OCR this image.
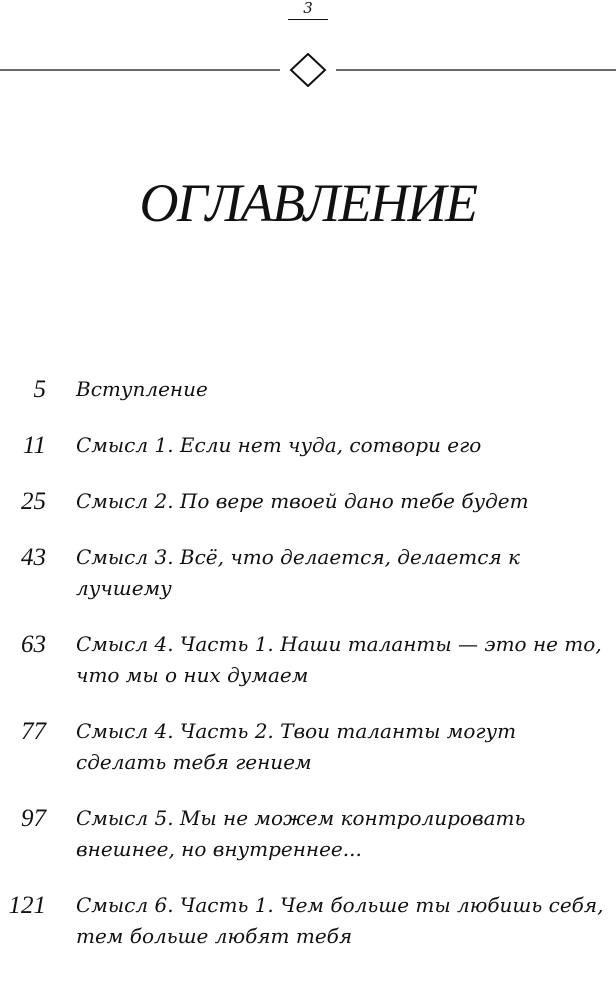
3
ОГЛАВЛЕНИЕ
5 Вступление
11 Смысл 1. Если нет чуда, сотвори его
25 Смысл 2. По вере твоей дано тебе будет
43 Смысл 3. Всё, что делается, делается к лучшему
63 Смысл 4. Часть 1. Наши таланты — это не то, что мы о них думаем
77 Смысл 4. Часть 2. Твои таланты могут сделать тебя гением
97 Смысл 5. Мы не можем контролировать внешнее, но внутреннее...
121 Смысл 6. Часть 1. Чем больше ты любишь себя, тем больше любят тебя
